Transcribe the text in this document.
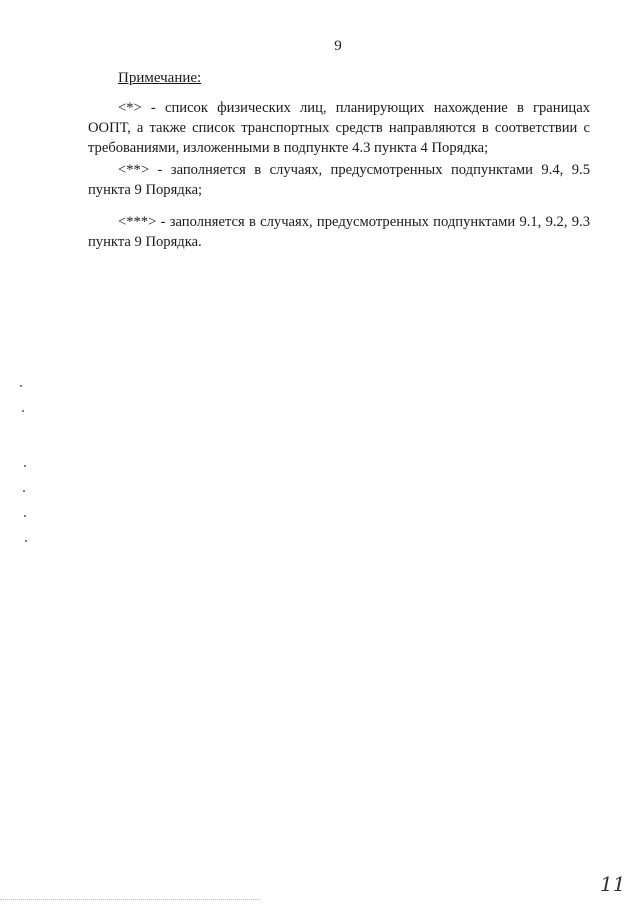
9
Примечание:
<*> - список физических лиц, планирующих нахождение в границах ООПТ, а также список транспортных средств направляются в соответствии с требованиями, изложенными в подпункте 4.3 пункта 4 Порядка;
<**> - заполняется в случаях, предусмотренных подпунктами 9.4, 9.5 пункта 9 Порядка;
<***> - заполняется в случаях, предусмотренных подпунктами 9.1, 9.2, 9.3 пункта 9 Порядка.
11
